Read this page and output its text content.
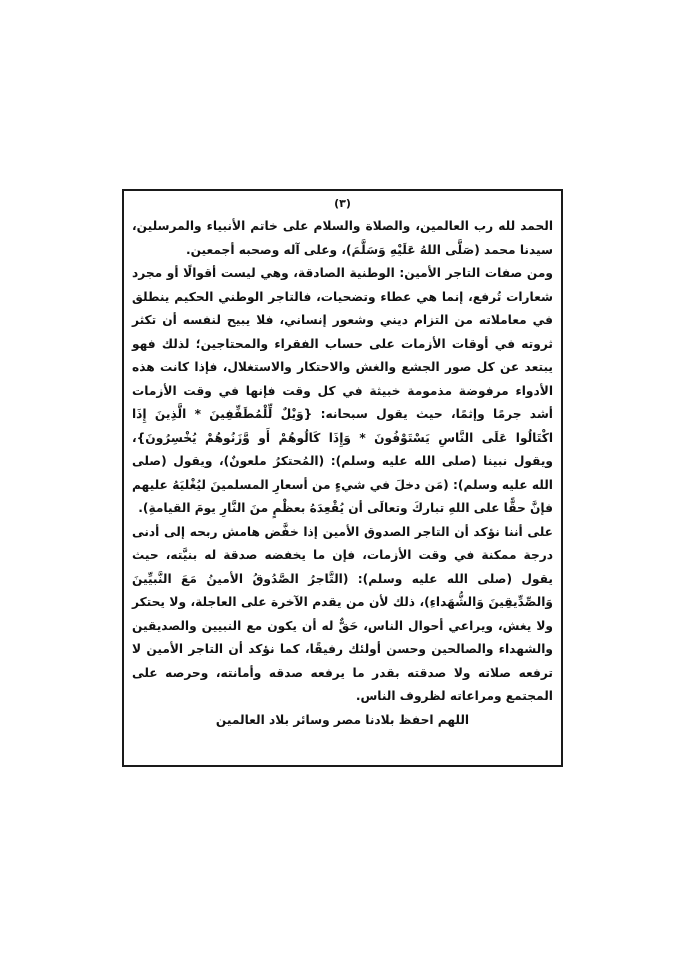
(٣)

الحمد لله رب العالمين، والصلاة والسلام على خاتم الأنبياء والمرسلين، سيدنا محمد (صَلَّى اللهُ عَلَيْهِ وَسَلَّمَ)، وعلى آله وصحبه أجمعين.

ومن صفات التاجر الأمين: الوطنية الصادقة، وهي ليست أقوالًا أو مجرد شعارات تُرفع، إنما هي عطاء وتضحيات، فالتاجر الوطني الحكيم ينطلق في معاملاته من التزام ديني وشعور إنساني، فلا يبيح لنفسه أن تكثر ثروته في أوقات الأزمات على حساب الفقراء والمحتاجين؛ لذلك فهو يبتعد عن كل صور الجشع والغش والاحتكار والاستغلال، فإذا كانت هذه الأدواء مرفوضة مذمومة خبيثة في كل وقت فإنها في وقت الأزمات أشد جرمًا وإثمًا، حيث يقول سبحانه: {وَيْلٌ لِّلْمُطَفِّفِينَ * الَّذِينَ إِذَا اكْتَالُوا عَلَى النَّاسِ يَسْتَوْفُونَ * وَإِذَا كَالُوهُمْ أَو وَّزَنُوهُمْ يُخْسِرُونَ}، ويقول نبينا (صلى الله عليه وسلم): (المُحتكرُ ملعونٌ)، ويقول (صلى الله عليه وسلم): (مَن دخلَ في شيءٍ من أسعارِ المسلمينَ ليُغْليَهُ عليهم فإنَّ حقًّا على اللهِ تباركَ وتعالَى أن يُقْعِدَهُ بعظْمٍ منَ النَّارِ يومَ القيامةِ).

على أننا نؤكد أن التاجر الصدوق الأمين إذا خفَّض هامش ربحه إلى أدنى درجة ممكنة في وقت الأزمات، فإن ما يخفضه صدقة له بنيَّته، حيث يقول (صلى الله عليه وسلم): (التَّاجرُ الصَّدُوقُ الأمينُ مَعَ النَّبيِّينَ وَالصِّدِّيقِينَ وَالشُّهَداءِ)، ذلك لأن من يقدم الآخرة على العاجلة، ولا يحتكر ولا يغش، ويراعي أحوال الناس، حَقٌّ له أن يكون مع النبيين والصديقين والشهداء والصالحين وحسن أولئك رفيقًا، كما نؤكد أن التاجر الأمين لا ترفعه صلاته ولا صدقته بقدر ما يرفعه صدقه وأمانته، وحرصه على المجتمع ومراعاته لظروف الناس.

اللهم احفظ بلادنا مصر وسائر بلاد العالمين
